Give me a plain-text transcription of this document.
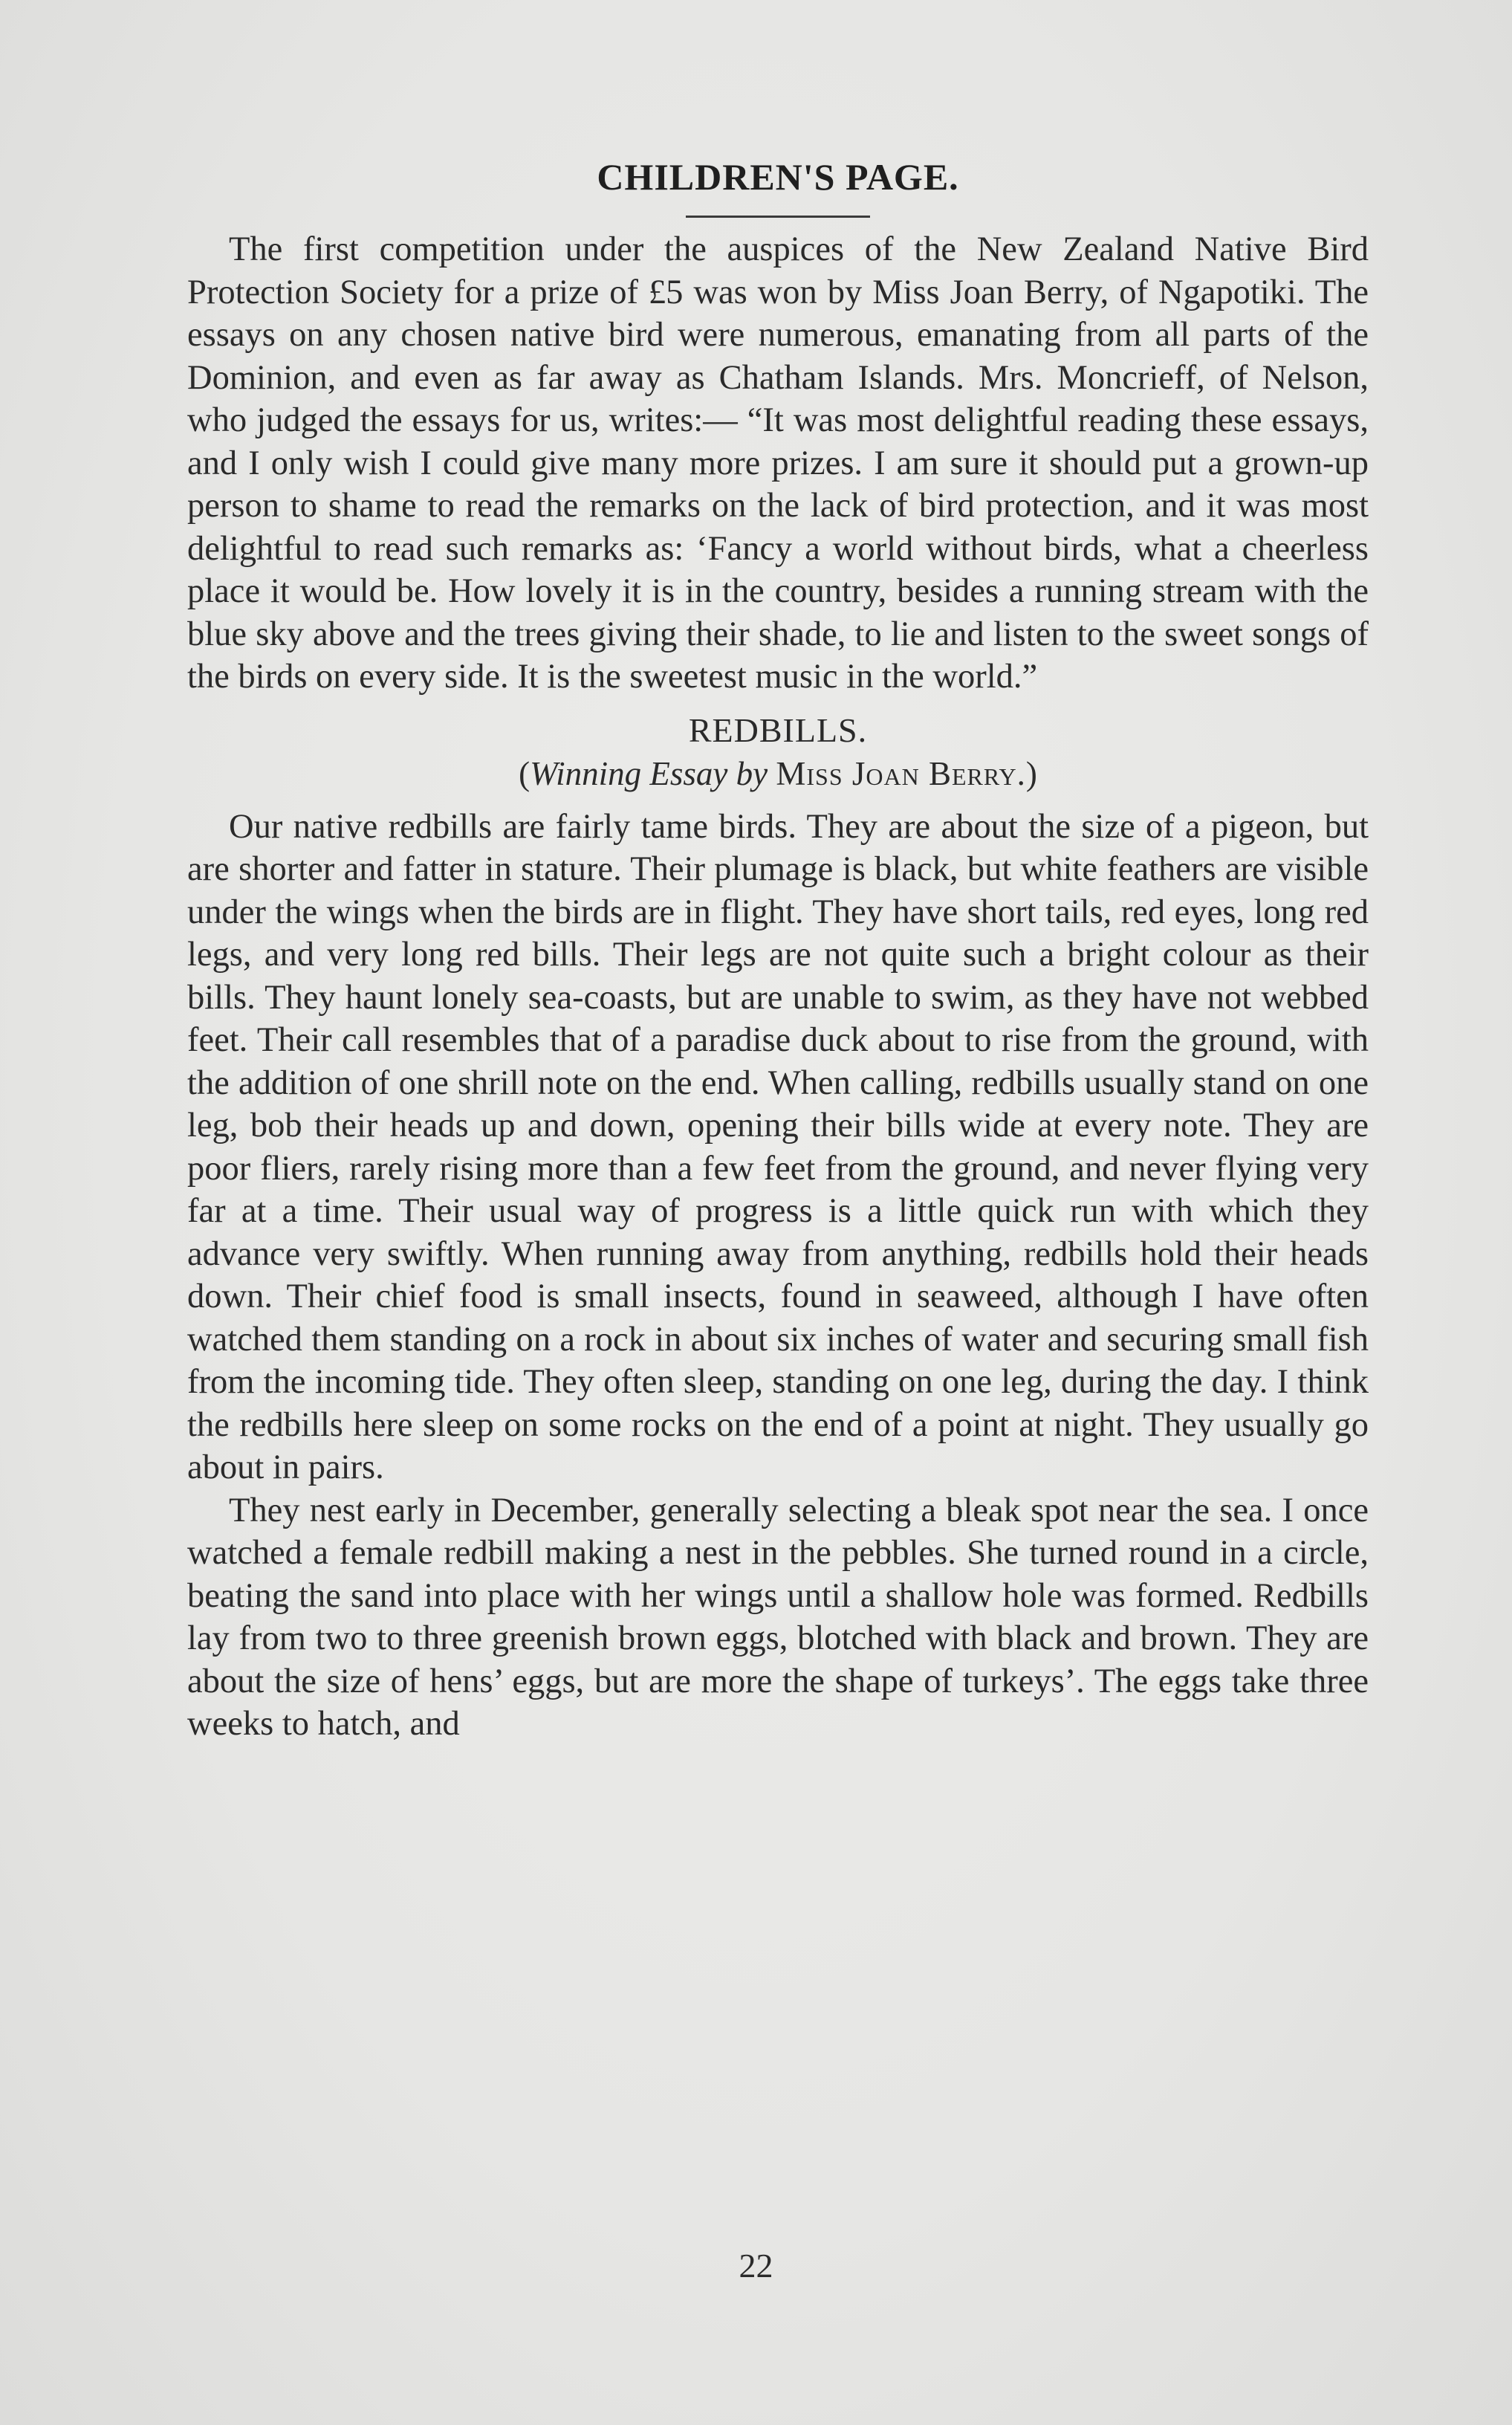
CHILDREN'S PAGE.

The first competition under the auspices of the New Zealand Native Bird Protection Society for a prize of £5 was won by Miss Joan Berry, of Ngapotiki. The essays on any chosen native bird were numerous, emanating from all parts of the Dominion, and even as far away as Chatham Islands. Mrs. Moncrieff, of Nelson, who judged the essays for us, writes:— “It was most delightful reading these essays, and I only wish I could give many more prizes. I am sure it should put a grown-up person to shame to read the remarks on the lack of bird protection, and it was most delightful to read such remarks as: ‘Fancy a world without birds, what a cheerless place it would be. How lovely it is in the country, besides a running stream with the blue sky above and the trees giving their shade, to lie and listen to the sweet songs of the birds on every side. It is the sweetest music in the world.”

REDBILLS.
(Winning Essay by Miss Joan Berry.)

Our native redbills are fairly tame birds. They are about the size of a pigeon, but are shorter and fatter in stature. Their plumage is black, but white feathers are visible under the wings when the birds are in flight. They have short tails, red eyes, long red legs, and very long red bills. Their legs are not quite such a bright colour as their bills. They haunt lonely sea-coasts, but are unable to swim, as they have not webbed feet. Their call resembles that of a paradise duck about to rise from the ground, with the addition of one shrill note on the end. When calling, redbills usually stand on one leg, bob their heads up and down, opening their bills wide at every note. They are poor fliers, rarely rising more than a few feet from the ground, and never flying very far at a time. Their usual way of progress is a little quick run with which they advance very swiftly. When running away from anything, redbills hold their heads down. Their chief food is small insects, found in seaweed, although I have often watched them standing on a rock in about six inches of water and securing small fish from the incoming tide. They often sleep, standing on one leg, during the day. I think the redbills here sleep on some rocks on the end of a point at night. They usually go about in pairs.

They nest early in December, generally selecting a bleak spot near the sea. I once watched a female redbill making a nest in the pebbles. She turned round in a circle, beating the sand into place with her wings until a shallow hole was formed. Redbills lay from two to three greenish brown eggs, blotched with black and brown. They are about the size of hens’ eggs, but are more the shape of turkeys’. The eggs take three weeks to hatch, and

22
